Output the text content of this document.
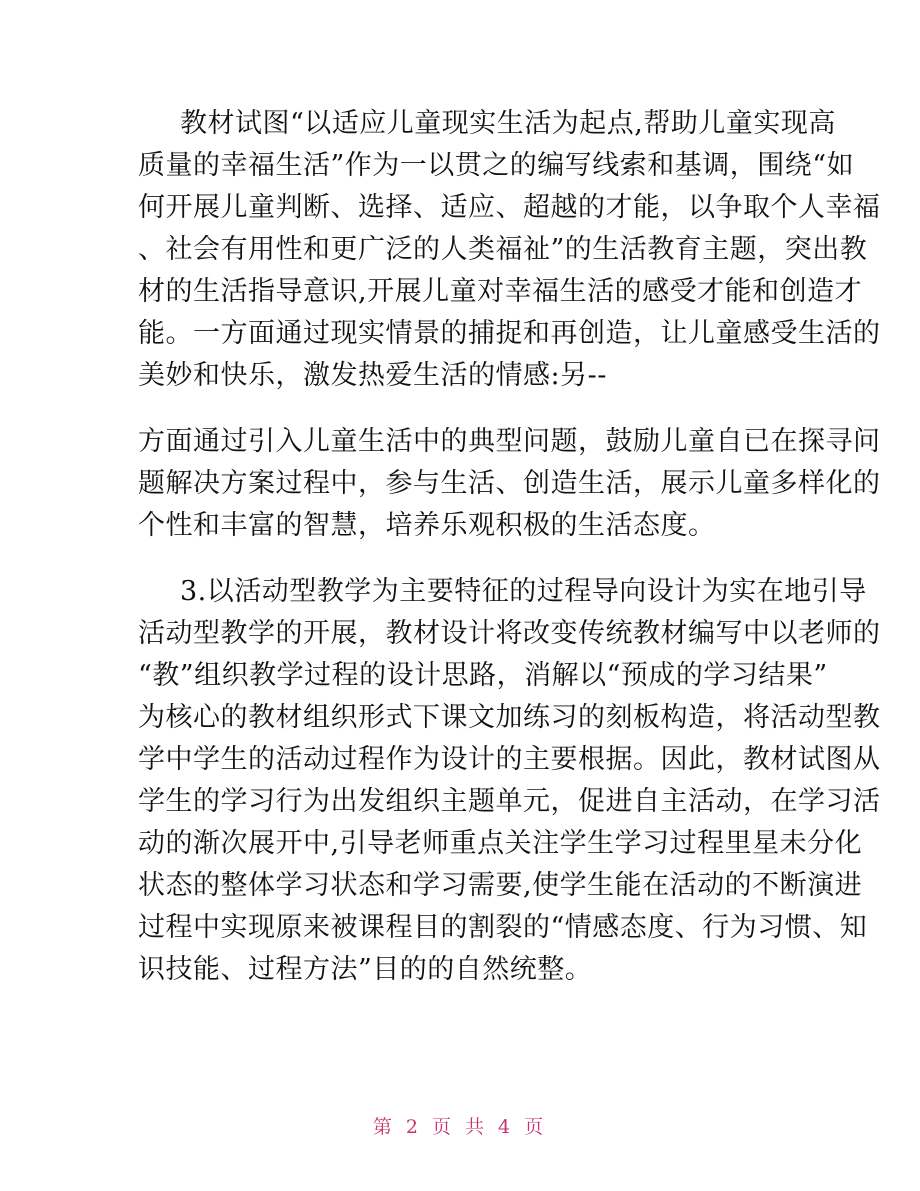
教材试图“以适应儿童现实生活为起点,帮助儿童实现高
质量的幸福生活”作为一以贯之的编写线索和基调，围绕“如
何开展儿童判断、选择、适应、超越的才能，以争取个人幸福
、社会有用性和更广泛的人类福祉”的生活教育主题，突出教
材的生活指导意识,开展儿童对幸福生活的感受才能和创造才
能。一方面通过现实情景的捕捉和再创造，让儿童感受生活的
美妙和快乐，激发热爱生活的情感:另--
方面通过引入儿童生活中的典型问题，鼓励儿童自已在探寻问
题解决方案过程中，参与生活、创造生活，展示儿童多样化的
个性和丰富的智慧，培养乐观积极的生活态度。
3.以活动型教学为主要特征的过程导向设计为实在地引导
活动型教学的开展，教材设计将改变传统教材编写中以老师的
“教”组织教学过程的设计思路，消解以“预成的学习结果”
为核心的教材组织形式下课文加练习的刻板构造，将活动型教
学中学生的活动过程作为设计的主要根据。因此，教材试图从
学生的学习行为出发组织主题单元，促进自主活动，在学习活
动的渐次展开中,引导老师重点关注学生学习过程里星未分化
状态的整体学习状态和学习需要,使学生能在活动的不断演进
过程中实现原来被课程目的割裂的“情感态度、行为习惯、知
识技能、过程方法”目的的自然统整。
第 2 页 共 4 页
